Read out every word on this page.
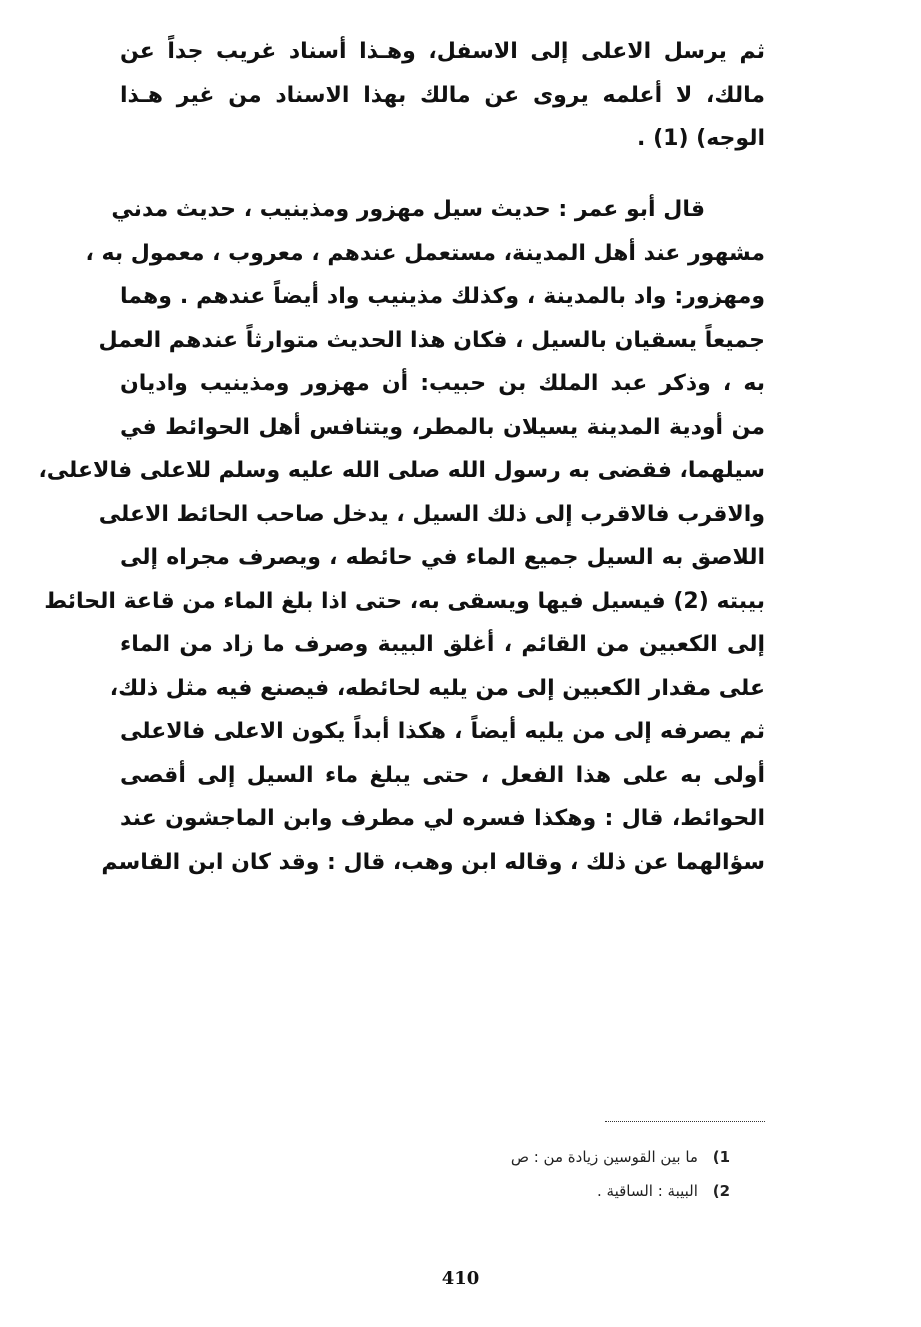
ثم يرسل الاعلى إلى الاسفل، وهـذا أسناد غريب جداً عن
مالك، لا أعلمه يروى عن مالك بهذا الاسناد من غير هـذا
الوجه) (1) .
قال أبو عمر : حديث سيل مهزور ومذينيب ، حديث مدني
مشهور عند أهل المدينة، مستعمل عندهم ، معروب ، معمول به ،
ومهزور: واد بالمدينة ، وكذلك مذينيب واد أيضاً عندهم . وهما
جميعاً يسقيان بالسيل ، فكان هذا الحديث متوارثاً عندهم العمل
به ، وذكر عبد الملك بن حبيب: أن مهزور ومذينيب واديان
من أودية المدينة يسيلان بالمطر، ويتنافس أهل الحوائط في
سيلهما، فقضى به رسول الله صلى الله عليه وسلم للاعلى فالاعلى،
والاقرب فالاقرب إلى ذلك السيل ، يدخل صاحب الحائط الاعلى
اللاصق به السيل جميع الماء في حائطه ، ويصرف مجراه إلى
بيبته (2) فيسيل فيها ويسقى به، حتى اذا بلغ الماء من قاعة الحائط
إلى الكعبين من القائم ، أغلق البيبة وصرف ما زاد من الماء
على مقدار الكعبين إلى من يليه لحائطه، فيصنع فيه مثل ذلك،
ثم يصرفه إلى من يليه أيضاً ، هكذا أبداً يكون الاعلى فالاعلى
أولى به على هذا الفعل ، حتى يبلغ ماء السيل إلى أقصى
الحوائط، قال : وهكذا فسره لي مطرف وابن الماجشون عند
سؤالهما عن ذلك ، وقاله ابن وهب، قال : وقد كان ابن القاسم
1) ما بين القوسين زيادة من : ص
2) البيبة : الساقية .
410
